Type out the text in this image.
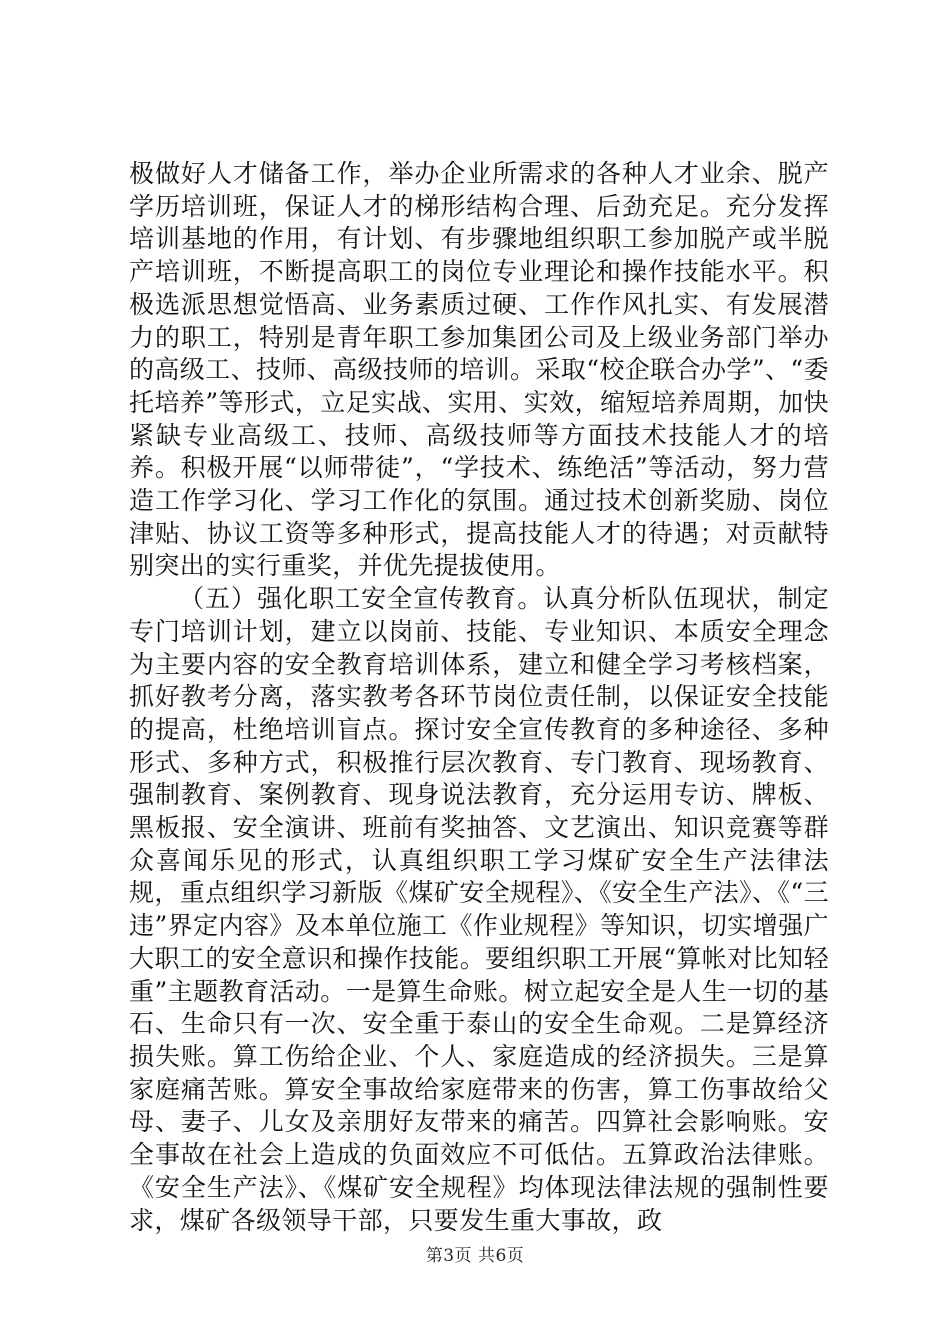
极做好人才储备工作，举办企业所需求的各种人才业余、脱产学历培训班，保证人才的梯形结构合理、后劲充足。充分发挥培训基地的作用，有计划、有步骤地组织职工参加脱产或半脱产培训班，不断提高职工的岗位专业理论和操作技能水平。积极选派思想觉悟高、业务素质过硬、工作作风扎实、有发展潜力的职工，特别是青年职工参加集团公司及上级业务部门举办的高级工、技师、高级技师的培训。采取“校企联合办学”、“委托培养”等形式，立足实战、实用、实效，缩短培养周期，加快紧缺专业高级工、技师、高级技师等方面技术技能人才的培养。积极开展“以师带徒”，“学技术、练绝活”等活动，努力营造工作学习化、学习工作化的氛围。通过技术创新奖励、岗位津贴、协议工资等多种形式，提高技能人才的待遇；对贡献特别突出的实行重奖，并优先提拔使用。

（五）强化职工安全宣传教育。认真分析队伍现状，制定专门培训计划，建立以岗前、技能、专业知识、本质安全理念为主要内容的安全教育培训体系，建立和健全学习考核档案，抓好教考分离，落实教考各环节岗位责任制，以保证安全技能的提高，杜绝培训盲点。探讨安全宣传教育的多种途径、多种形式、多种方式，积极推行层次教育、专门教育、现场教育、强制教育、案例教育、现身说法教育，充分运用专访、牌板、黑板报、安全演讲、班前有奖抽答、文艺演出、知识竞赛等群众喜闻乐见的形式，认真组织职工学习煤矿安全生产法律法规，重点组织学习新版《煤矿安全规程》、《安全生产法》、《“三违”界定内容》及本单位施工《作业规程》等知识，切实增强广大职工的安全意识和操作技能。要组织职工开展“算帐对比知轻重”主题教育活动。一是算生命账。树立起安全是人生一切的基石、生命只有一次、安全重于泰山的安全生命观。二是算经济损失账。算工伤给企业、个人、家庭造成的经济损失。三是算家庭痛苦账。算安全事故给家庭带来的伤害，算工伤事故给父母、妻子、儿女及亲朋好友带来的痛苦。四算社会影响账。安全事故在社会上造成的负面效应不可低估。五算政治法律账。《安全生产法》、《煤矿安全规程》均体现法律法规的强制性要求，煤矿各级领导干部，只要发生重大事故，政

第3页 共6页
